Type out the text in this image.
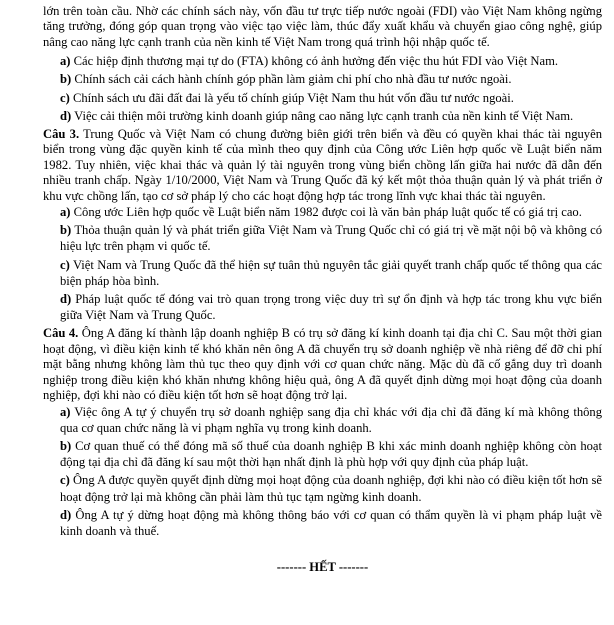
lớn trên toàn cầu. Nhờ các chính sách này, vốn đầu tư trực tiếp nước ngoài (FDI) vào Việt Nam không ngừng tăng trưởng, đóng góp quan trọng vào việc tạo việc làm, thúc đẩy xuất khẩu và chuyển giao công nghệ, giúp nâng cao năng lực cạnh tranh của nền kinh tế Việt Nam trong quá trình hội nhập quốc tế.

a) Các hiệp định thương mại tự do (FTA) không có ảnh hưởng đến việc thu hút FDI vào Việt Nam.

b) Chính sách cải cách hành chính góp phần làm giảm chi phí cho nhà đầu tư nước ngoài.

c) Chính sách ưu đãi đất đai là yếu tố chính giúp Việt Nam thu hút vốn đầu tư nước ngoài.

d) Việc cải thiện môi trường kinh doanh giúp nâng cao năng lực cạnh tranh của nền kinh tế Việt Nam.

Câu 3. Trung Quốc và Việt Nam có chung đường biên giới trên biển và đều có quyền khai thác tài nguyên biển trong vùng đặc quyền kinh tế của mình theo quy định của Công ước Liên hợp quốc về Luật biển năm 1982. Tuy nhiên, việc khai thác và quản lý tài nguyên trong vùng biển chồng lấn giữa hai nước đã dẫn đến nhiều tranh chấp. Ngày 1/10/2000, Việt Nam và Trung Quốc đã ký kết một thỏa thuận quản lý và phát triển ở khu vực chồng lấn, tạo cơ sở pháp lý cho các hoạt động hợp tác trong lĩnh vực khai thác tài nguyên.

a) Công ước Liên hợp quốc về Luật biển năm 1982 được coi là văn bản pháp luật quốc tế có giá trị cao.

b) Thỏa thuận quản lý và phát triển giữa Việt Nam và Trung Quốc chỉ có giá trị về mặt nội bộ và không có hiệu lực trên phạm vi quốc tế.

c) Việt Nam và Trung Quốc đã thể hiện sự tuân thủ nguyên tắc giải quyết tranh chấp quốc tế thông qua các biện pháp hòa bình.

d) Pháp luật quốc tế đóng vai trò quan trọng trong việc duy trì sự ổn định và hợp tác trong khu vực biển giữa Việt Nam và Trung Quốc.

Câu 4. Ông A đăng kí thành lập doanh nghiệp B có trụ sở đăng kí kinh doanh tại địa chỉ C. Sau một thời gian hoạt động, vì điều kiện kinh tế khó khăn nên ông A đã chuyển trụ sở doanh nghiệp về nhà riêng để đỡ chi phí mặt bằng nhưng không làm thủ tục theo quy định với cơ quan chức năng. Mặc dù đã cố gắng duy trì doanh nghiệp trong điều kiện khó khăn nhưng không hiệu quả, ông A đã quyết định dừng mọi hoạt động của doanh nghiệp, đợi khi nào có điều kiện tốt hơn sẽ hoạt động trở lại.

a) Việc ông A tự ý chuyển trụ sở doanh nghiệp sang địa chỉ khác với địa chỉ đã đăng kí mà không thông qua cơ quan chức năng là vi phạm nghĩa vụ trong kinh doanh.

b) Cơ quan thuế có thể đóng mã số thuế của doanh nghiệp B khi xác minh doanh nghiệp không còn hoạt động tại địa chỉ đã đăng kí sau một thời hạn nhất định là phù hợp với quy định của pháp luật.

c) Ông A được quyền quyết định dừng mọi hoạt động của doanh nghiệp, đợi khi nào có điều kiện tốt hơn sẽ hoạt động trở lại mà không cần phải làm thủ tục tạm ngừng kinh doanh.

d) Ông A tự ý dừng hoạt động mà không thông báo với cơ quan có thẩm quyền là vi phạm pháp luật về kinh doanh và thuế.

------- HẾT -------
